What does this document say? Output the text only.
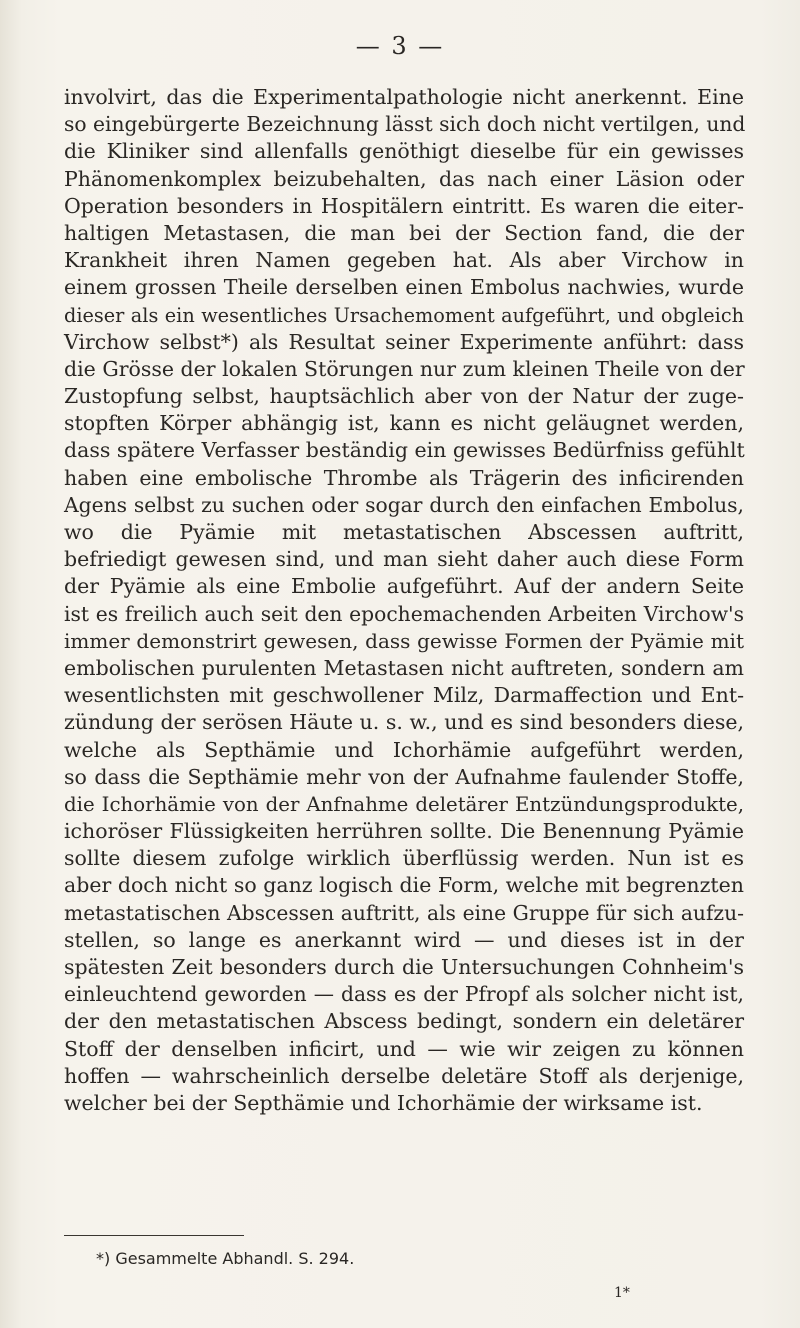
— 3 —
involvirt, das die Experimentalpathologie nicht anerkennt. Eine
so eingebürgerte Bezeichnung lässt sich doch nicht vertilgen, und
die Kliniker sind allenfalls genöthigt dieselbe für ein gewisses
Phänomenkomplex beizubehalten, das nach einer Läsion oder
Operation besonders in Hospitälern eintritt. Es waren die eiter-
haltigen Metastasen, die man bei der Section fand, die der
Krankheit ihren Namen gegeben hat. Als aber Virchow in
einem grossen Theile derselben einen Embolus nachwies, wurde
dieser als ein wesentliches Ursachemoment aufgeführt, und obgleich
Virchow selbst*) als Resultat seiner Experimente anführt: dass
die Grösse der lokalen Störungen nur zum kleinen Theile von der
Zustopfung selbst, hauptsächlich aber von der Natur der zuge-
stopften Körper abhängig ist, kann es nicht geläugnet werden,
dass spätere Verfasser beständig ein gewisses Bedürfniss gefühlt
haben eine embolische Thrombe als Trägerin des inficirenden
Agens selbst zu suchen oder sogar durch den einfachen Embolus,
wo die Pyämie mit metastatischen Abscessen auftritt,
befriedigt gewesen sind, und man sieht daher auch diese Form
der Pyämie als eine Embolie aufgeführt. Auf der andern Seite
ist es freilich auch seit den epochemachenden Arbeiten Virchow's
immer demonstrirt gewesen, dass gewisse Formen der Pyämie mit
embolischen purulenten Metastasen nicht auftreten, sondern am
wesentlichsten mit geschwollener Milz, Darmaffection und Ent-
zündung der serösen Häute u. s. w., und es sind besonders diese,
welche als Septhämie und Ichorhämie aufgeführt werden,
so dass die Septhämie mehr von der Aufnahme faulender Stoffe,
die Ichorhämie von der Anfnahme deletärer Entzündungsprodukte,
ichoröser Flüssigkeiten herrühren sollte. Die Benennung Pyämie
sollte diesem zufolge wirklich überflüssig werden. Nun ist es
aber doch nicht so ganz logisch die Form, welche mit begrenzten
metastatischen Abscessen auftritt, als eine Gruppe für sich aufzu-
stellen, so lange es anerkannt wird — und dieses ist in der
spätesten Zeit besonders durch die Untersuchungen Cohnheim's
einleuchtend geworden — dass es der Pfropf als solcher nicht ist,
der den metastatischen Abscess bedingt, sondern ein deletärer
Stoff der denselben inficirt, und — wie wir zeigen zu können
hoffen — wahrscheinlich derselbe deletäre Stoff als derjenige,
welcher bei der Septhämie und Ichorhämie der wirksame ist.
*) Gesammelte Abhandl. S. 294.
1*
